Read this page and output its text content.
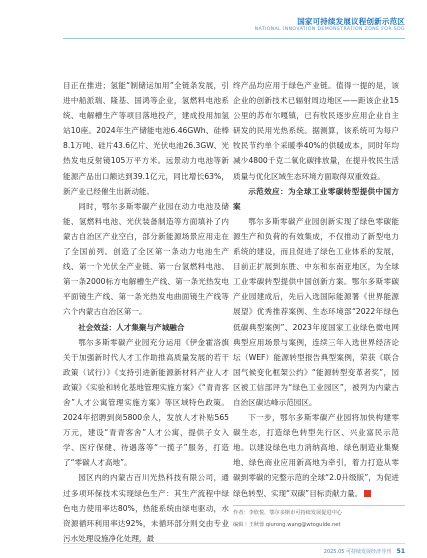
国家可持续发展议程创新示范区
NATIONAL INNOVATION DEMONSTRATION ZONE FOR SDG

目正在推进；氢能“制储运加用”全链条发展，引进中船派瑞、隆基、国鸿等企业，氢燃料电池系统、电解槽生产等项目落地投产，建成投用加氢站10座。2024年生产储能电池6.46GWh、硅棒8.1万吨、硅片43.6亿片、光伏电池26.3GW、光热发电反射镜105万平方米。远景动力电池等新能源产品出口额达到39.1亿元，同比增长63%，新产业已经催生出新动能。

同时，鄂尔多斯零碳产业园在动力电池及储能、氢燃料电池、光伏装备制造等方面填补了内蒙古自治区产业空白，部分新能源场景应用走在了全国前列。创造了全区第一条动力电池生产线、第一个光伏全产业链、第一台氢燃料电池、第一条2000标方电解槽生产线、第一条光热发电平面镜生产线、第一条光热发电曲面镜生产线等六个内蒙古自治区第一。

社会效益：人才集聚与产城融合

鄂尔多斯零碳产业园充分运用《伊金霍洛旗关于加强新时代人才工作助推高质量发展的若干政策（试行）》《支持引进新能源新材料产业人才政策》《实验和转化基地管理实施方案》《“青青客舍”人才公寓管理实施方案》等区域特色政策。2024年招聘到岗5800余人，发放人才补贴565万元，建设“青青客舍”人才公寓，提供子女入学、医疗保健、待遇落等“一揽子”服务，打造了“零碳人才高地”。

园区内的内蒙古百川光热科技有限公司，通过多项环保技术实现绿色生产：其生产流程中绿色电力使用率达80%，热能系统由绿电驱动，水资源循环利用率达92%，未循环部分则交由专业污水处理设施净化处理，最

终产品均应用于绿色产业链。值得一提的是，该企业的创新技术已辐射周边地区——距该企业15公里的苏布尔嘎镇，已有牧民逐步应用企业自主研发的民用光热系统。据测算，该系统可为每户牧民节约单个采暖季40%的供暖成本，同时年均减少4800千克二氧化碳排放量，在提升牧民生活质量与优化区域生态环境方面取得双重效益。

示范效应：为全球工业零碳转型提供中国方案

鄂尔多斯零碳产业园创新实现了绿色零碳能源生产和负荷的有效集成，不仅推动了新型电力系统的建设，而且促进了绿色工业体系的发展，目前正扩展到东胜、中东和东南亚地区，为全球工业零碳转型提供中国创新方案。鄂尔多斯零碳产业园建成后，先后入选国际能源署《世界能源展望》优秀推荐案例、生态环境部“2022年绿色低碳典型案例”、2023年度国家工业绿色微电网典型应用场景与案例，连续三年入选世界经济论坛（WEF）能源转型报告典型案例，荣获《联合国气候变化框架公约》“能源转型变革者奖”，园区被工信部评为“绿色工业园区”，被列为内蒙古自治区碳达峰示范园区。

下一步，鄂尔多斯零碳产业园将加快构建零碳生态，打造绿色转型先行区、兴业富民示范地。以建设绿色电力消纳高地、绿色制造业集聚地、绿色商业应用新高地为牵引，着力打造从零碳到零碳的完整示范的全球“2.0升级版”，为促进绿色转型、实现“双碳”目标贡献力量。

作者：李欣悦，鄂尔多斯市可持续发展促进中心
编辑｜王秋蓉 qiurong.wang@wtoguide.net
2025.05 可持续发展经济导刊 51
